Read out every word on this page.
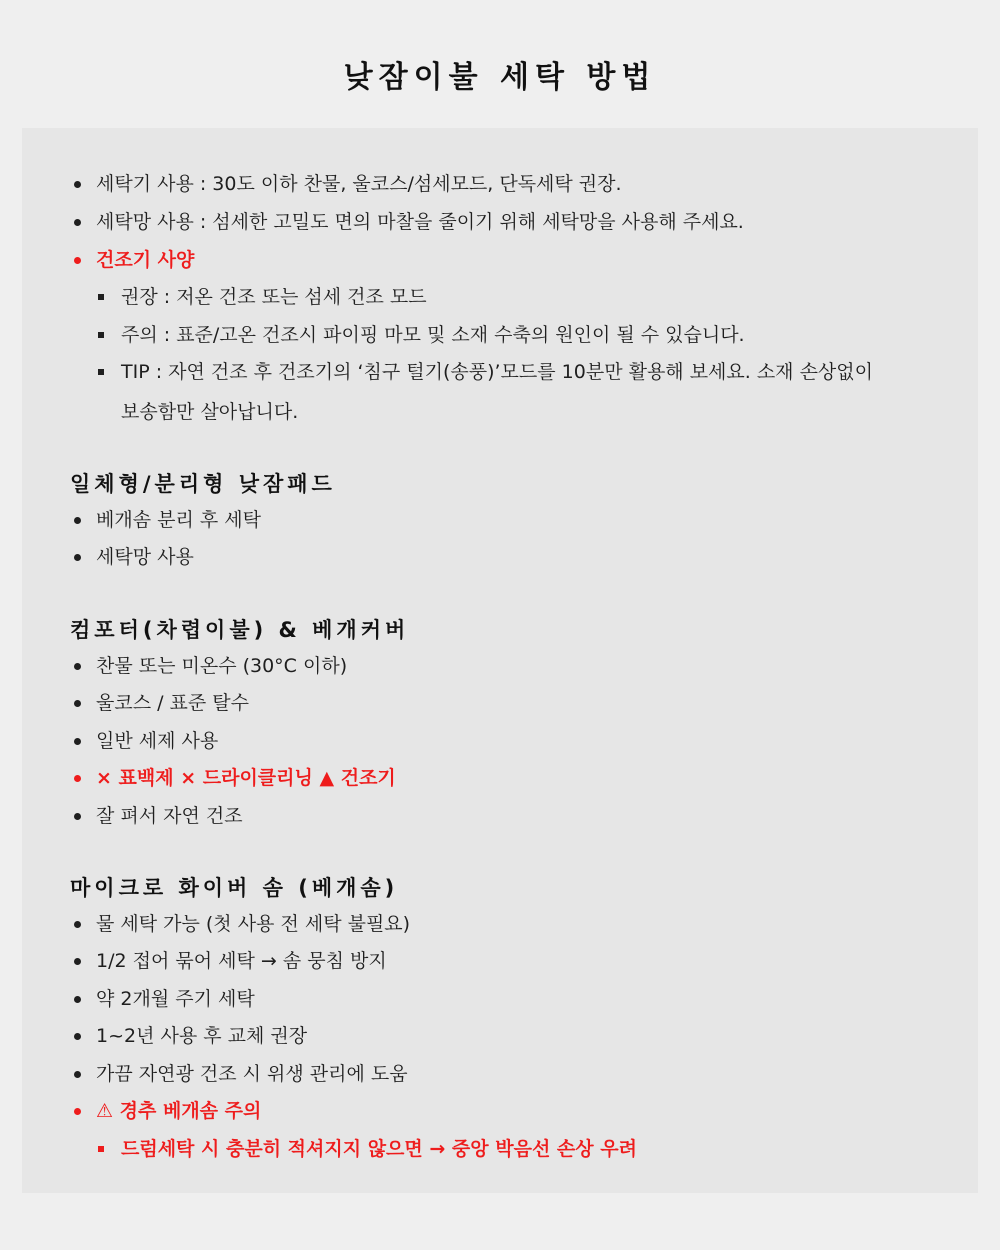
낮잠이불 세탁 방법
세탁기 사용 : 30도 이하 찬물, 울코스/섬세모드, 단독세탁 권장.
세탁망 사용 : 섬세한 고밀도 면의 마찰을 줄이기 위해 세탁망을 사용해 주세요.
건조기 사양
권장 : 저온 건조 또는 섬세 건조 모드
주의 : 표준/고온 건조시 파이핑 마모 및 소재 수축의 원인이 될 수 있습니다.
TIP : 자연 건조 후 건조기의 ‘침구 털기(송풍)’모드를 10분만 활용해 보세요. 소재 손상없이
보송함만 살아납니다.
일체형/분리형 낮잠패드
베개솜 분리 후 세탁
세탁망 사용
컴포터(차렵이불) & 베개커버
찬물 또는 미온수 (30°C 이하)
울코스 / 표준 탈수
일반 세제 사용
× 표백제 × 드라이클리닝 ▲ 건조기
잘 펴서 자연 건조
마이크로 화이버 솜 (베개솜)
물 세탁 가능 (첫 사용 전 세탁 불필요)
1/2 접어 묶어 세탁 → 솜 뭉침 방지
약 2개월 주기 세탁
1~2년 사용 후 교체 권장
가끔 자연광 건조 시 위생 관리에 도움
⚠ 경추 베개솜 주의
드럼세탁 시 충분히 적셔지지 않으면 → 중앙 박음선 손상 우려
